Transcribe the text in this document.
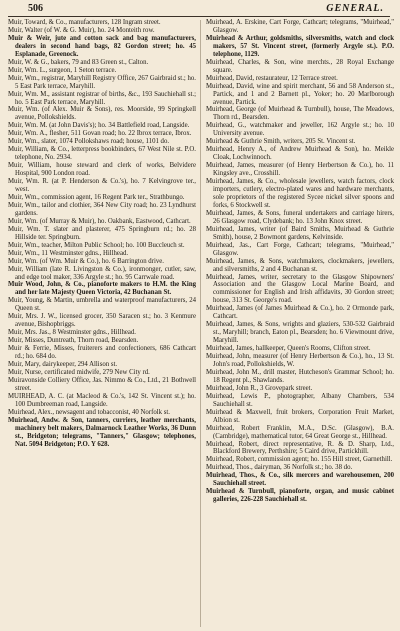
506	GENERAL.

Muir, Toward, & Co., manufacturers, 128 Ingram street.

Muir, Walter (of W. & G. Muir), ho. 24 Monteith row.

Muir & Weir, jute and cotton sack and bag manufacturers, dealers in second hand bags, 82 Gordon street; ho. 45 Esplanade, Greenock.

Muir, W. & G., bakers, 79 and 83 Green st., Calton.

Muir, Wm. L., surgeon, 1 Seton terrace.

Muir, Wm., registrar, Maryhill Registry Office, 267 Gairbraid st.; ho. 5 East Park terrace, Maryhill.

Muir, Wm. M., assistant registrar of births, &c., 193 Sauchiehall st.; ho. 5 East Park terrace, Maryhill.

Muir, Wm. (of Alex. Muir & Sons), res. Moorside, 99 Springkell avenue, Pollokshields.

Muir, Wm. M. (at John Davis's); ho. 34 Battlefield road, Langside.

Muir, Wm. A., flesher, 511 Govan road; ho. 22 Ibrox terrace, Ibrox.

Muir, Wm., slater, 1074 Pollokshaws road; house, 1101 do.

Muir, William, & Co., letterpress bookbinders, 67 West Nile st. P.O. telephone, No. 2934.

Muir, William, house steward and clerk of works, Belvidere Hospital, 900 London road.

Muir, Wm. R. (at P. Henderson & Co.'s), ho. 7 Kelvingrove ter., west.

Muir, Wm., commission agent, 16 Regent Park ter., Strathbungo.

Muir, Wm., tailor and clothier, 364 New City road; ho. 23 Lyndhurst gardens.

Muir, Wm. (of Murray & Muir), ho. Oakbank, Eastwood, Cathcart.

Muir, Wm. T. slater and plasterer, 475 Springburn rd.; ho. 28 Hillside ter. Springburn.

Muir, Wm., teacher, Milton Public School; ho. 100 Buccleuch st.

Muir, Wm., 11 Westminster gdns., Hillhead.

Muir, Wm. (of Wm. Muir & Co.), ho. 6 Barrington drive.

Muir, William (late R. Livingston & Co.), ironmonger, cutler, saw, and edge tool maker, 336 Argyle st.; ho. 95 Carrwale road.

Muir Wood, John, & Co., pianoforte makers to H.M. the King and her late Majesty Queen Victoria, 42 Buchanan St.

Muir, Young, & Martin, umbrella and waterproof manufacturers, 24 Queen st.

Muir, Mrs. J. W., licensed grocer, 350 Saracen st.; ho. 3 Kenmure avenue, Bishopbriggs.

Muir, Mrs. Jas., 8 Westminster gdns., Hillhead.

Muir, Misses, Duntreath, Thorn road, Bearsden.

Muir & Ferrie, Misses, fruiterers and confectioners, 686 Cathcart rd.; ho. 684 do.

Muir, Mary, dairykeeper, 294 Allison st.

Muir, Nurse, certificated midwife, 279 New City rd.

Muiravonside Colliery Office, Jas. Nimmo & Co., Ltd., 21 Bothwell street.

MUIRHEAD, A. C. (at Macleod & Co.'s, 142 St. Vincent st.); ho. 100 Dumbreeman road, Langside.

Muirhead, Alex., newsagent and tobacconist, 40 Norfolk st.

Muirhead, Andw. & Son, tanners, curriers, leather merchants, machinery belt makers, Dalmarnock Leather Works, 36 Dunn st., Bridgeton; telegrams, "Tanners," Glasgow; telephones, Nat. 5094 Bridgeton; P.O. Y 628.

Muirhead, A. Erskine, Cart Forge, Cathcart; telegrams, "Muirhead," Glasgow.

Muirhead & Arthur, goldsmiths, silversmiths, watch and clock makers, 57 St. Vincent street, (formerly Argyle st.). P.O. telephone, 1129.

Muirhead, Charles, & Son, wine merchts., 28 Royal Exchange square.

Muirhead, David, restaurateur, 12 Terrace street.

Muirhead, David, wine and spirit merchant, 56 and 58 Anderson st., Partick, and 1 and 2 Barnett pl., Yoker; ho. 20 Marlborough avenue, Partick.

Muirhead, George (of Muirhead & Turnbull), house, The Meadows, Thorn rd., Bearsden.

Muirhead, G., watchmaker and jeweller, 162 Argyle st.; ho. 10 University avenue.

Muirhead & Guthrie Smith, writers, 205 St. Vincent st.

Muirhead, Henry A., of Andrew Muirhead & Son), ho. Meikle Cloak, Lochwinnoch.

Muirhead, James, measurer (of Henry Herbertson & Co.), ho. 11 Kingsley ave., Crosshill.

Muirhead, James, & Co., wholesale jewellers, watch factors, clock importers, cutlery, electro-plated wares and hardware merchants, sole proprietors of the registered Sycee nickel silver spoons and forks, 6 Stockwell st.

Muirhead, James, & Sons, funeral undertakers and carriage hirers, 26 Glasgow road, Clydebank; ho. 13 John Knox street.

Muirhead, James, writer (of Baird Smiths, Muirhead & Guthrie Smith), house, 2 Bowmont gardens, Kelvinside.

Muirhead, Jas., Cart Forge, Cathcart; telegrams, "Muirhead," Glasgow.

Muirhead, James, & Sons, watchmakers, clockmakers, jewellers, and silversmiths, 2 and 4 Buchanan st.

Muirhead, James, writer, secretary to the Glasgow Shipowners' Association and the Glasgow Local Marine Board, and commissioner for English and Irish affidavits, 30 Gordon street; house, 313 St. George's road.

Muirhead, James (of James Muirhead & Co.), ho. 2 Ormonde park, Cathcart.

Muirhead, James, & Sons, wrights and glaziers, 530-532 Gairbraid st., Maryhill; branch, Eaton pl., Bearsden; ho. 6 Viewmount drive, Maryhill.

Muirhead, James, hallkeeper, Queen's Rooms, Clifton street.

Muirhead, John, measurer (of Henry Herbertson & Co.), ho., 13 St. John's road, Pollokshields, W.

Muirhead, John M., drill master, Hutcheson's Grammar School; ho. 18 Regent pl., Shawlands.

Muirhead, John R., 3 Grovepark street.

Muirhead, Lewis P., photographer, Albany Chambers, 534 Sauchiehall st.

Muirhead & Maxwell, fruit brokers, Corporation Fruit Market, Albion st.

Muirhead, Robert Franklin, M.A., D.Sc. (Glasgow), B.A. (Cambridge), mathematical tutor, 64 Great George st., Hillhead.

Muirhead, Robert, direct representative, R. & D. Sharp, Ltd., Blackford Brewery, Perthshire; 5 Caird drive, Partickhill.

Muirhead, Robert, commission agent; ho. 155 Hill street, Garnethill.

Muirhead, Thos., dairyman, 36 Norfolk st.; ho. 38 do.

Muirhead, Thos., & Co., silk mercers and warehousemen, 200 Sauchiehall street.

Muirhead & Turnbull, pianoforte, organ, and music cabinet galleries, 226-228 Sauchiehall st.
